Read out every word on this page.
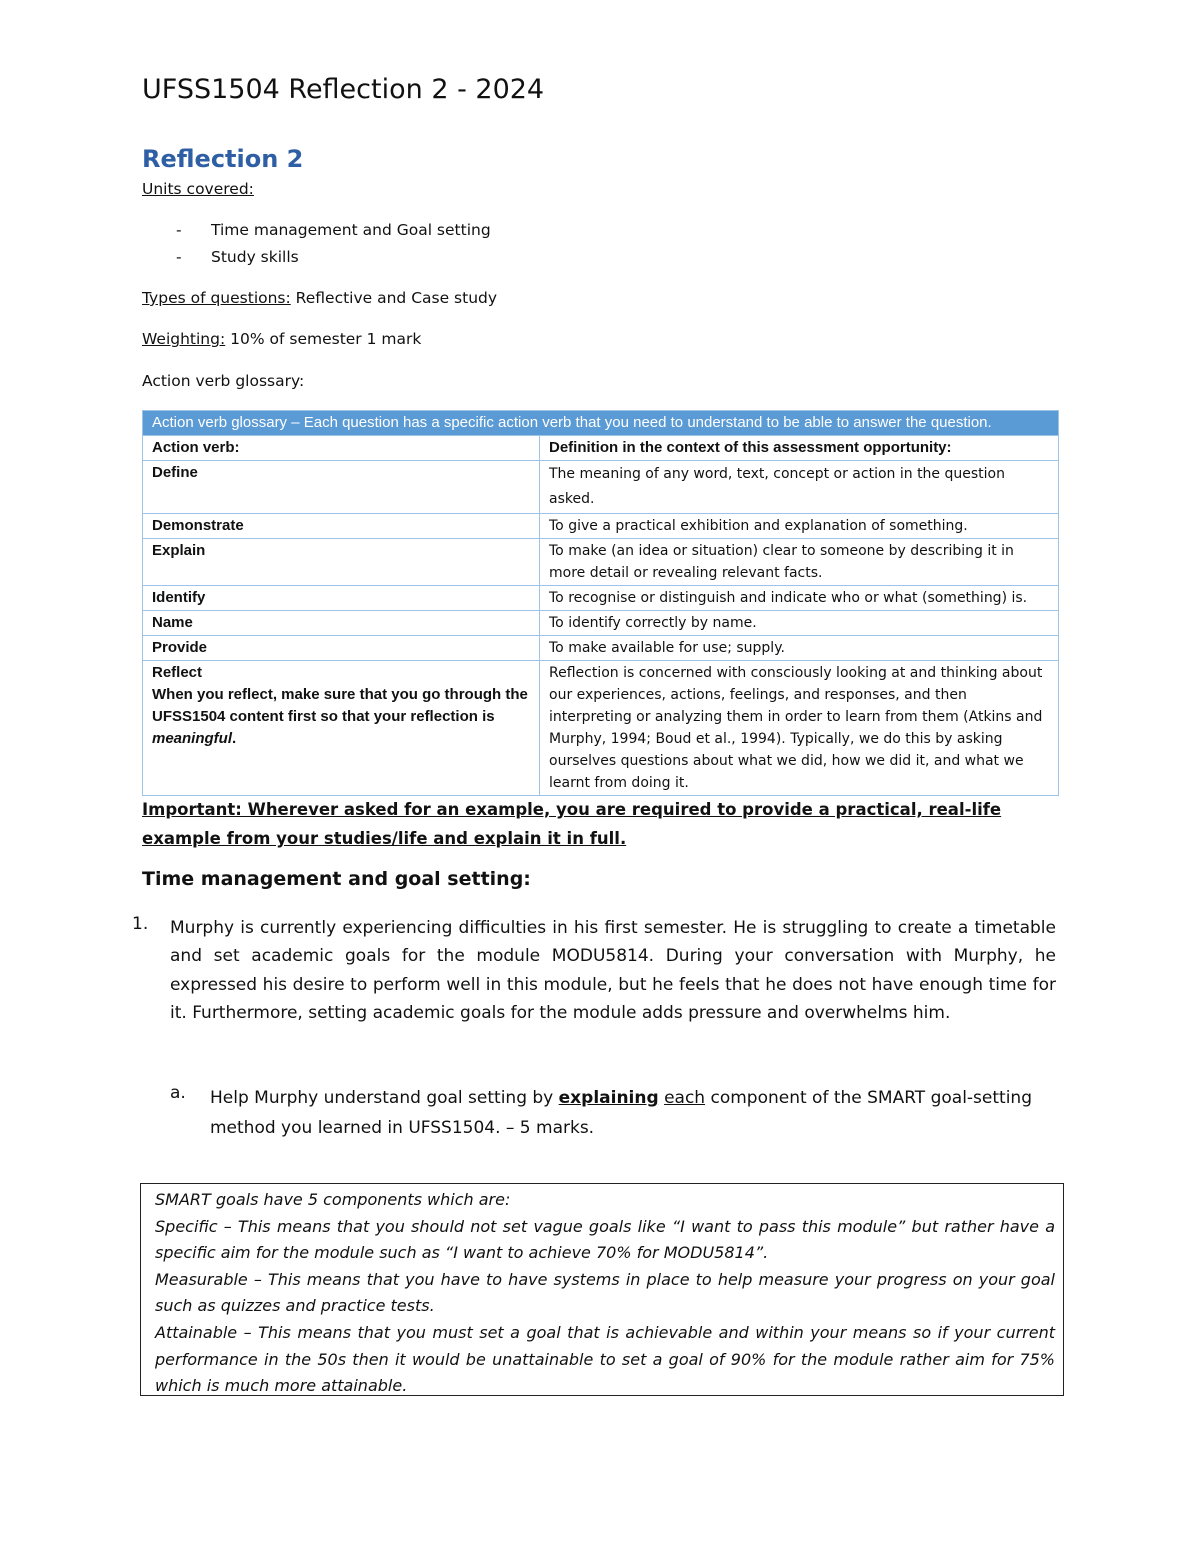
UFSS1504 Reflection 2 - 2024
Reflection 2
Units covered:
- Time management and Goal setting
- Study skills
Types of questions: Reflective and Case study
Weighting: 10% of semester 1 mark
Action verb glossary:
Action verb glossary – Each question has a specific action verb that you need to understand to be able to answer the question.	
Action verb:	Definition in the context of this assessment opportunity:
Define	The meaning of any word, text, concept or action in the question asked.
Demonstrate	To give a practical exhibition and explanation of something.
Explain	To make (an idea or situation) clear to someone by describing it in more detail or revealing relevant facts.
Identify	To recognise or distinguish and indicate who or what (something) is.
Name	To identify correctly by name.
Provide	To make available for use; supply.

Reflect
When you reflect, make sure that you go through the UFSS1504 content first so that your reflection is meaningful.	Reflection is concerned with consciously looking at and thinking about our experiences, actions, feelings, and responses, and then interpreting or analyzing them in order to learn from them (Atkins and Murphy, 1994; Boud et al., 1994). Typically, we do this by asking ourselves questions about what we did, how we did it, and what we learnt from doing it.
Important: Wherever asked for an example, you are required to provide a practical, real-life example from your studies/life and explain it in full.
Time management and goal setting:
1. Murphy is currently experiencing difficulties in his first semester. He is struggling to create a timetable and set academic goals for the module MODU5814. During your conversation with Murphy, he expressed his desire to perform well in this module, but he feels that he does not have enough time for it. Furthermore, setting academic goals for the module adds pressure and overwhelms him.
a. Help Murphy understand goal setting by explaining each component of the SMART goal-setting method you learned in UFSS1504. – 5 marks.

SMART goals have 5 components which are:

Specific – This means that you should not set vague goals like “I want to pass this module” but rather have a specific aim for the module such as “I want to achieve 70% for MODU5814”.

Measurable – This means that you have to have systems in place to help measure your progress on your goal such as quizzes and practice tests.

Attainable – This means that you must set a goal that is achievable and within your means so if your current performance in the 50s then it would be unattainable to set a goal of 90% for the module rather aim for 75% which is much more attainable.
